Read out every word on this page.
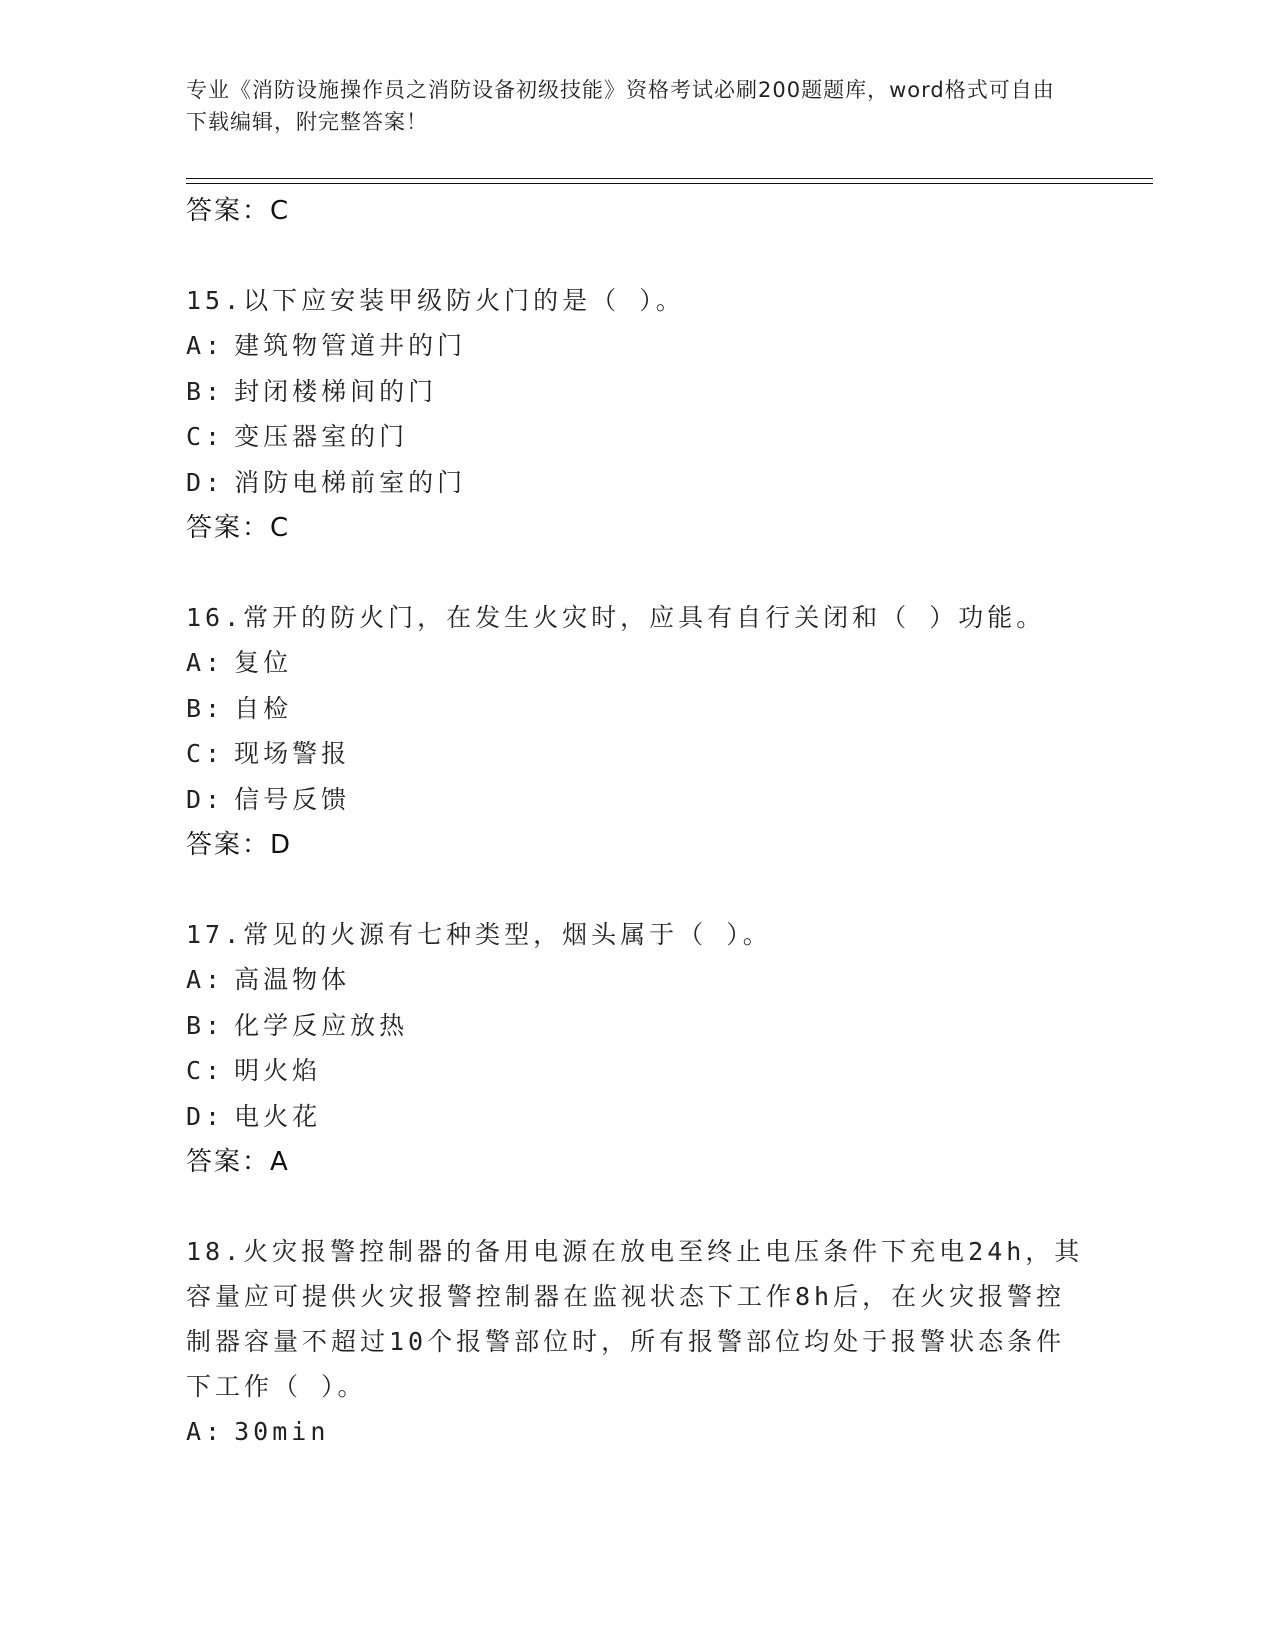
专业《消防设施操作员之消防设备初级技能》资格考试必刷200题题库，word格式可自由下载编辑，附完整答案！

答案：C

15.以下应安装甲级防火门的是（ ）。

A: 建筑物管道井的门

B: 封闭楼梯间的门

C: 变压器室的门

D: 消防电梯前室的门

答案：C

16.常开的防火门，在发生火灾时，应具有自行关闭和（ ）功能。

A: 复位

B: 自检

C: 现场警报

D: 信号反馈

答案：D

17.常见的火源有七种类型，烟头属于（ ）。

A: 高温物体

B: 化学反应放热

C: 明火焰

D: 电火花

答案：A

18.火灾报警控制器的备用电源在放电至终止电压条件下充电24h，其容量应可提供火灾报警控制器在监视状态下工作8h后，在火灾报警控制器容量不超过10个报警部位时，所有报警部位均处于报警状态条件下工作（ ）。

A: 30min
